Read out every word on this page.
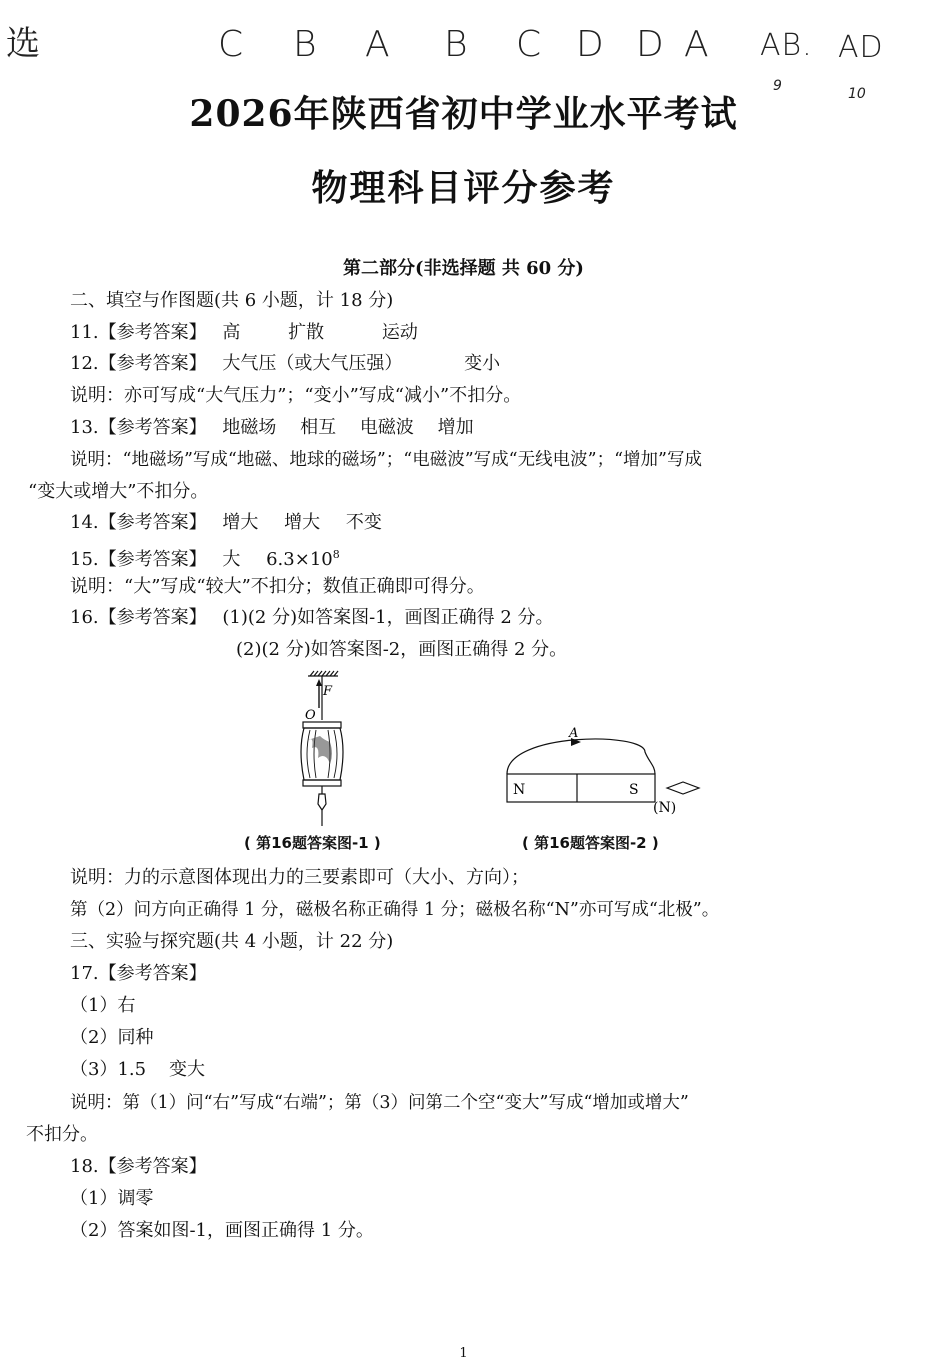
选	C B A B C D D A AB. AD
9	10
2026年陕西省初中学业水平考试
物理科目评分参考
第二部分(非选择题 共 60 分)
二、填空与作图题(共 6 小题，计 18 分)
11.【参考答案】 高	扩散	运动
12.【参考答案】 大气压（或大气压强）	变小
说明：亦可写成“大气压力”；“变小”写成“减小”不扣分。
13.【参考答案】 地磁场 相互 电磁波 增加
说明：“地磁场”写成“地磁、地球的磁场”；“电磁波”写成“无线电波”；“增加”写成
“变大或增大”不扣分。
14.【参考答案】 增大 增大 不变
15.【参考答案】 大 $6.3\times 10^8$
说明：“大”写成“较大”不扣分；数值正确即可得分。
16.【参考答案】 (1)(2 分)如答案图-1，画图正确得 2 分。
(2)(2 分)如答案图-2，画图正确得 2 分。
F
O
( 第16题答案图-1 )
A
N	S
(N)
( 第16题答案图-2 )
说明：力的示意图体现出力的三要素即可（大小、方向）；
第（2）问方向正确得 1 分，磁极名称正确得 1 分；磁极名称“N”亦可写成“北极”。
三、实验与探究题(共 4 小题，计 22 分)
17.【参考答案】
（1）右
（2）同种
（3）1.5    变大
说明：第（1）问“右”写成“右端”；第（3）问第二个空“变大”写成“增加或增大”
不扣分。
18.【参考答案】
（1）调零
（2）答案如图-1，画图正确得 1 分。
1
